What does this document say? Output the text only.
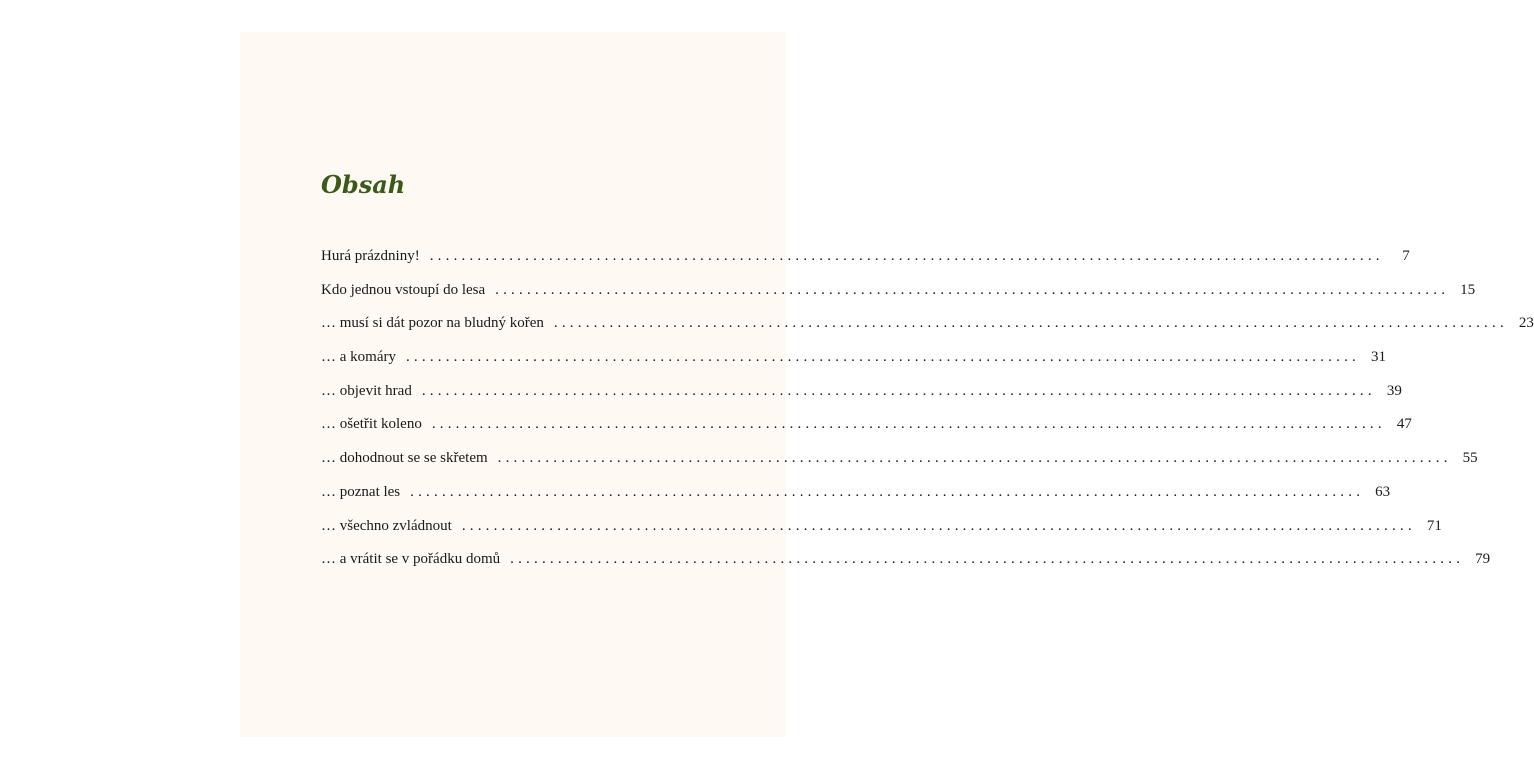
Obsah
Hurá prázdniny! ........................................................................................................................	7
Kdo jednou vstoupí do lesa ........................................................................................................................ 15
… musí si dát pozor na bludný kořen ........................................................................................................................ 23
… a komáry ........................................................................................................................ 31
… objevit hrad ........................................................................................................................ 39
… ošetřit koleno ........................................................................................................................ 47
… dohodnout se se skřetem ........................................................................................................................ 55
… poznat les ........................................................................................................................ 63
… všechno zvládnout ........................................................................................................................ 71
… a vrátit se v pořádku domů ........................................................................................................................ 79
